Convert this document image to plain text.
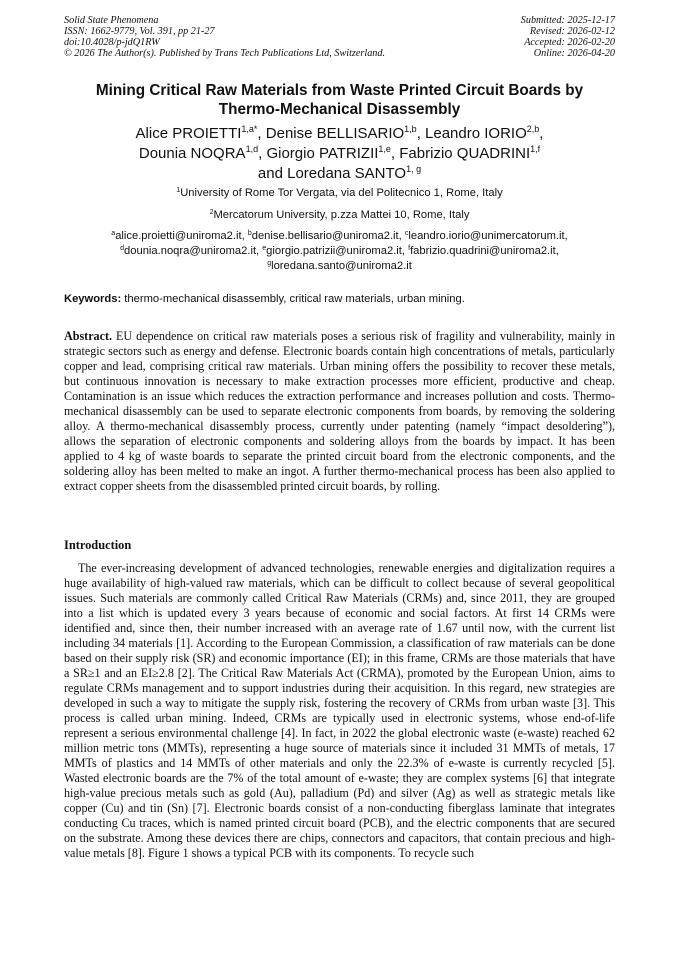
Solid State Phenomena
ISSN: 1662-9779, Vol. 391, pp 21-27
doi:10.4028/p-jdQ1RW
© 2026 The Author(s). Published by Trans Tech Publications Ltd, Switzerland.
Submitted: 2025-12-17
Revised: 2026-02-12
Accepted: 2026-02-20
Online: 2026-04-20
Mining Critical Raw Materials from Waste Printed Circuit Boards by
Thermo-Mechanical Disassembly
Alice $PROIETTI^{1,a*}$, Denise BELLISARIO$^{1,b}$, Leandro IORIO$^{2,b}$,
Dounia NOQRA$^{1,d}$, Giorgio PATRIZII$^{1,e}$, Fabrizio QUADRINI$^{1,f}$
and Loredana SANTO$^{1, g}$
$^1$University of Rome Tor Vergata, via del Politecnico 1, Rome, Italy
$^2$Mercatorum University, p.zza Mattei 10, Rome, Italy
$^a$alice.proietti@uniroma2.it, $^b$denise.bellisario@uniroma2.it, $^c$leandro.iorio@unimercatorum.it,
$^d$dounia.noqra@uniroma2.it, $^e$giorgio.patrizii@uniroma2.it, $^f$fabrizio.quadrini@uniroma2.it,
$^g$loredana.santo@uniroma2.it
Keywords: thermo-mechanical disassembly, critical raw materials, urban mining.
Abstract. EU dependence on critical raw materials poses a serious risk of fragility and vulnerability, mainly in strategic sectors such as energy and defense. Electronic boards contain high concentrations of metals, particularly copper and lead, comprising critical raw materials. Urban mining offers the possibility to recover these metals, but continuous innovation is necessary to make extraction processes more efficient, productive and cheap. Contamination is an issue which reduces the extraction performance and increases pollution and costs. Thermo-mechanical disassembly can be used to separate electronic components from boards, by removing the soldering alloy. A thermo-mechanical disassembly process, currently under patenting (namely “impact desoldering”), allows the separation of electronic components and soldering alloys from the boards by impact. It has been applied to 4 kg of waste boards to separate the printed circuit board from the electronic components, and the soldering alloy has been melted to make an ingot. A further thermo-mechanical process has been also applied to extract copper sheets from the disassembled printed circuit boards, by rolling.
Introduction
The ever-increasing development of advanced technologies, renewable energies and digitalization requires a huge availability of high-valued raw materials, which can be difficult to collect because of several geopolitical issues. Such materials are commonly called Critical Raw Materials (CRMs) and, since 2011, they are grouped into a list which is updated every 3 years because of economic and social factors. At first 14 CRMs were identified and, since then, their number increased with an average rate of 1.67 until now, with the current list including 34 materials [1]. According to the European Commission, a classification of raw materials can be done based on their supply risk (SR) and economic importance (EI); in this frame, CRMs are those materials that have a SR≥1 and an EI≥2.8 [2]. The Critical Raw Materials Act (CRMA), promoted by the European Union, aims to regulate CRMs management and to support industries during their acquisition. In this regard, new strategies are developed in such a way to mitigate the supply risk, fostering the recovery of CRMs from urban waste [3]. This process is called urban mining. Indeed, CRMs are typically used in electronic systems, whose end-of-life represent a serious environmental challenge [4]. In fact, in 2022 the global electronic waste (e-waste) reached 62 million metric tons (MMTs), representing a huge source of materials since it included 31 MMTs of metals, 17 MMTs of plastics and 14 MMTs of other materials and only the 22.3% of e-waste is currently recycled [5]. Wasted electronic boards are the 7% of the total amount of e-waste; they are complex systems [6] that integrate high-value precious metals such as gold (Au), palladium (Pd) and silver (Ag) as well as strategic metals like copper (Cu) and tin (Sn) [7]. Electronic boards consist of a non-conducting fiberglass laminate that integrates conducting Cu traces, which is named printed circuit board (PCB), and the electric components that are secured on the substrate. Among these devices there are chips, connectors and capacitors, that contain precious and high-value metals [8]. Figure 1 shows a typical PCB with its components. To recycle such
